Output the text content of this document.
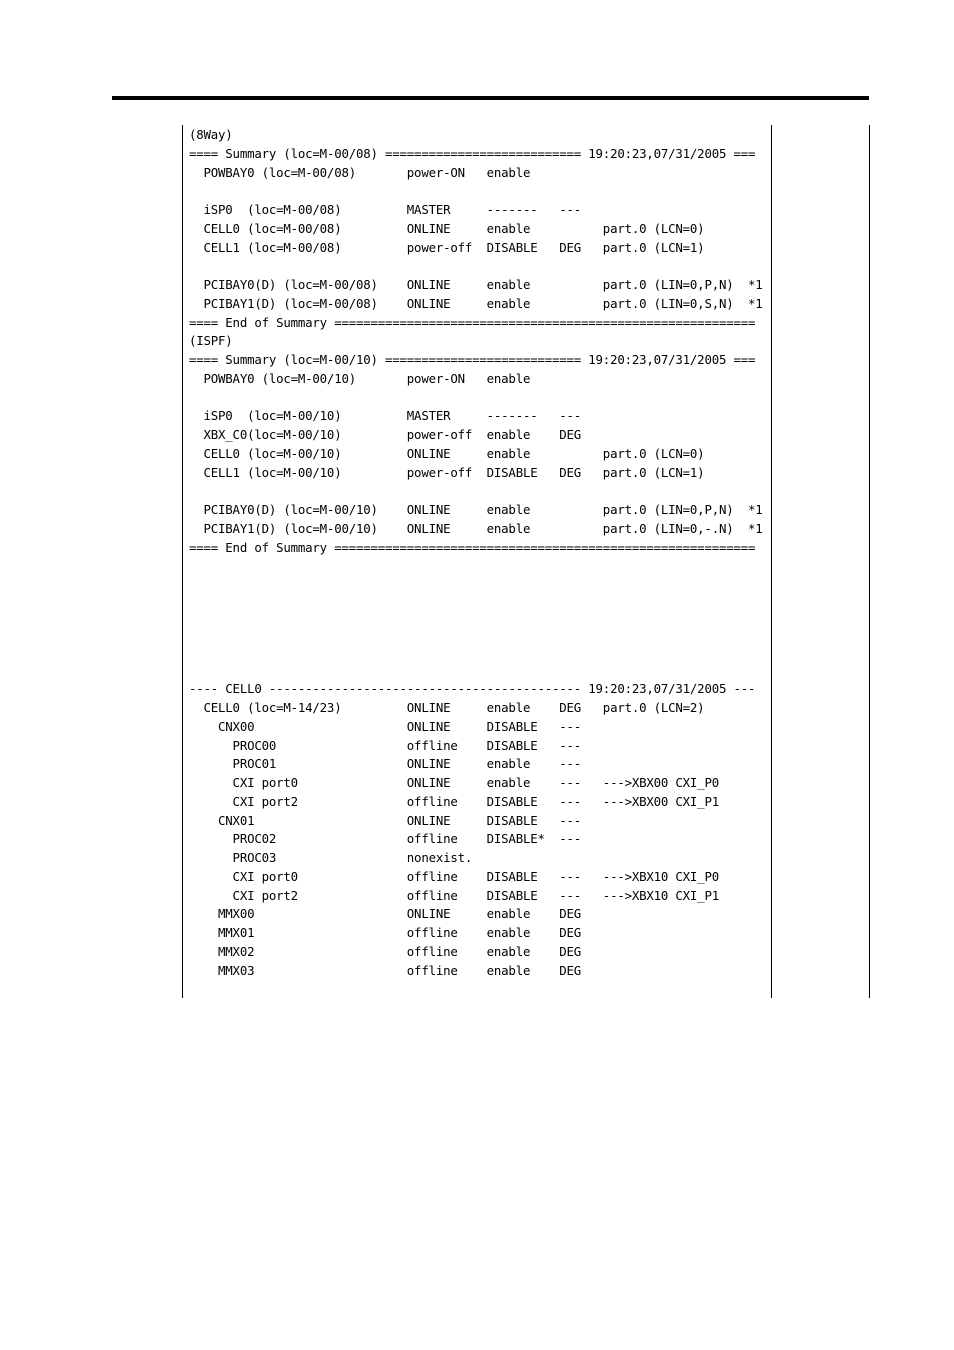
(8Way)
==== Summary (loc=M-00/08) =========================== 19:20:23,07/31/2005 ===
POWBAY0 (loc=M-00/08)       power-ON   enable
iSP0  (loc=M-00/08)         MASTER     -------   ---
CELL0 (loc=M-00/08)         ONLINE     enable          part.0 (LCN=0)
CELL1 (loc=M-00/08)         power-off  DISABLE   DEG   part.0 (LCN=1)
PCIBAY0(D) (loc=M-00/08)    ONLINE     enable          part.0 (LIN=0,P,N)  *1
PCIBAY1(D) (loc=M-00/08)    ONLINE     enable          part.0 (LIN=0,S,N)  *1
==== End of Summary ==========================================================
(ISPF)
==== Summary (loc=M-00/10) =========================== 19:20:23,07/31/2005 ===
POWBAY0 (loc=M-00/10)       power-ON   enable
iSP0  (loc=M-00/10)         MASTER     -------   ---
XBX_C0(loc=M-00/10)         power-off  enable    DEG
CELL0 (loc=M-00/10)         ONLINE     enable          part.0 (LCN=0)
CELL1 (loc=M-00/10)         power-off  DISABLE   DEG   part.0 (LCN=1)
PCIBAY0(D) (loc=M-00/10)    ONLINE     enable          part.0 (LIN=0,P,N)  *1
PCIBAY1(D) (loc=M-00/10)    ONLINE     enable          part.0 (LIN=0,-.N)  *1
==== End of Summary ==========================================================
---- CELL0 ------------------------------------------- 19:20:23,07/31/2005 ---
CELL0 (loc=M-14/23)         ONLINE     enable    DEG   part.0 (LCN=2)
CNX00                     ONLINE     DISABLE   ---
PROC00                  offline    DISABLE   ---
PROC01                  ONLINE     enable    ---
CXI port0               ONLINE     enable    ---   --->XBX00 CXI_P0
CXI port2               offline    DISABLE   ---   --->XBX00 CXI_P1
CNX01                     ONLINE     DISABLE   ---
PROC02                  offline    DISABLE*  ---
PROC03                  nonexist.
CXI port0               offline    DISABLE   ---   --->XBX10 CXI_P0
CXI port2               offline    DISABLE   ---   --->XBX10 CXI_P1
MMX00                     ONLINE     enable    DEG
MMX01                     offline    enable    DEG
MMX02                     offline    enable    DEG
MMX03                     offline    enable    DEG
